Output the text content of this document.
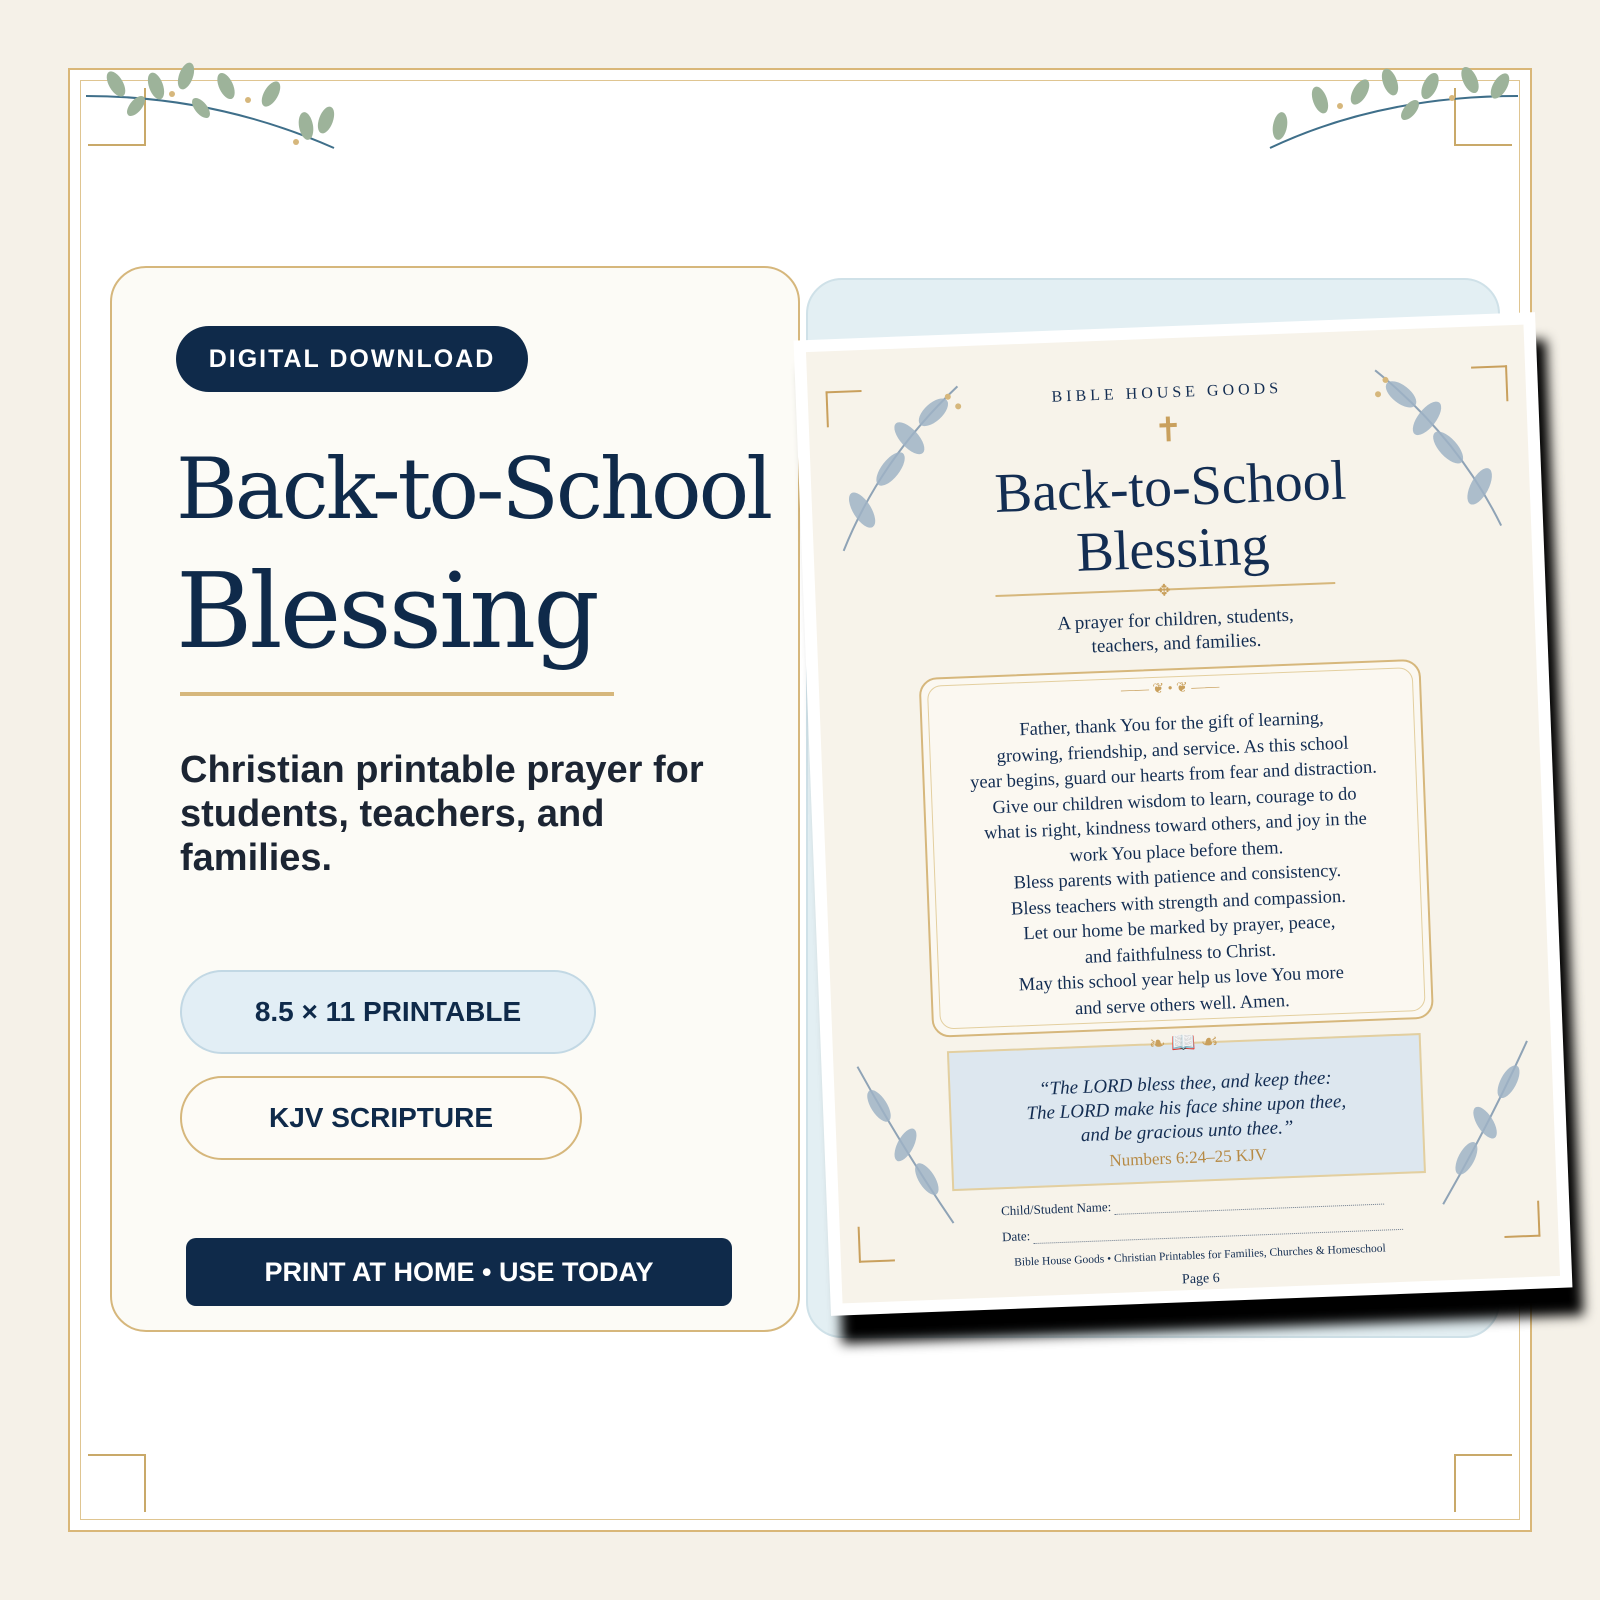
DIGITAL DOWNLOAD
Back-to-School
Blessing
Christian printable prayer for students, teachers, and families.
8.5 × 11 PRINTABLE
KJV SCRIPTURE
PRINT AT HOME • USE TODAY
BIBLE HOUSE GOODS
✝
Back-to-School
Blessing
✥
A prayer for children, students,
teachers, and families.
—— ❦ • ❦ ——
Father, thank You for the gift of learning,
growing, friendship, and service. As this school
year begins, guard our hearts from fear and distraction.
Give our children wisdom to learn, courage to do
what is right, kindness toward others, and joy in the
work You place before them.
Bless parents with patience and consistency.
Bless teachers with strength and compassion.
Let our home be marked by prayer, peace,
and faithfulness to Christ.
May this school year help us love You more
and serve others well. Amen.
❧ 📖 ☙
“The LORD bless thee, and keep thee:
The LORD make his face shine upon thee,
and be gracious unto thee.”
Numbers 6:24–25 KJV
Child/Student Name:
Date:
Bible House Goods • Christian Printables for Families, Churches & Homeschool
Page 6
